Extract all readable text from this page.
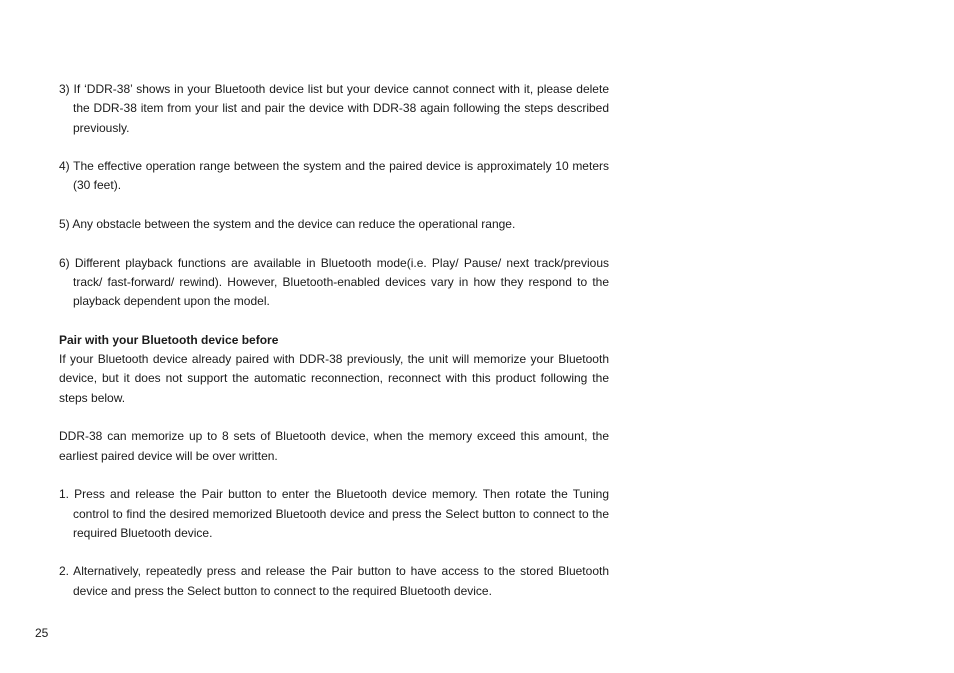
3) If ‘DDR-38’ shows in your Bluetooth device list but your device cannot connect with it, please delete the DDR-38 item from your list and pair the device with DDR-38 again following the steps described previously.

4) The effective operation range between the system and the paired device is approximately 10 meters (30 feet).

5) Any obstacle between the system and the device can reduce the operational range.

6) Different playback functions are available in Bluetooth mode(i.e. Play/ Pause/ next track/previous track/ fast-forward/ rewind). However, Bluetooth-enabled devices vary in how they respond to the playback dependent upon the model.

Pair with your Bluetooth device before

If your Bluetooth device already paired with DDR-38 previously, the unit will memorize your Bluetooth device, but it does not support the automatic reconnection, reconnect with this product following the steps below.

DDR-38 can memorize up to 8 sets of Bluetooth device, when the memory exceed this amount, the earliest paired device will be over written.

1. Press and release the Pair button to enter the Bluetooth device memory. Then rotate the Tuning control to find the desired memorized Bluetooth device and press the Select button to connect to the required Bluetooth device.

2. Alternatively, repeatedly press and release the Pair button to have access to the stored Bluetooth device and press the Select button to connect to the required Bluetooth device.

25
